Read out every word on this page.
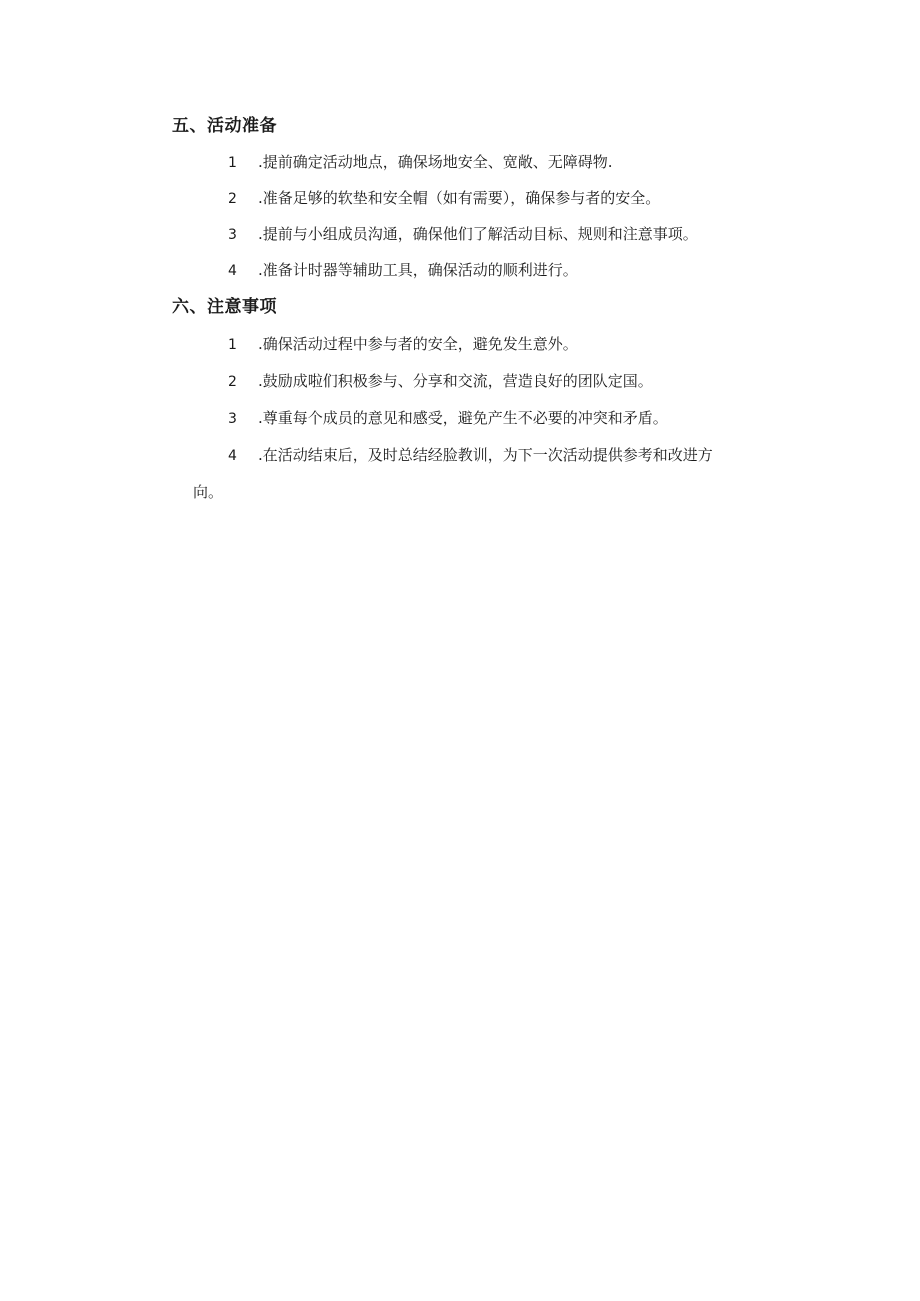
五、活动准备
1 .提前确定活动地点，确保场地安全、宽敞、无障碍物.
2 .准备足够的软垫和安全帽（如有需要），确保参与者的安全。
3 .提前与小组成员沟通，确保他们了解活动目标、规则和注意事项。
4 .准备计时器等辅助工具，确保活动的顺利进行。
六、注意事项
1 .确保活动过程中参与者的安全，避免发生意外。
2 .鼓励成啦们积极参与、分享和交流，营造良好的团队定国。
3 .尊重每个成员的意见和感受，避免产生不必要的冲突和矛盾。
4 .在活动结束后，及时总结经脸教训，为下一次活动提供参考和改进方
向。
